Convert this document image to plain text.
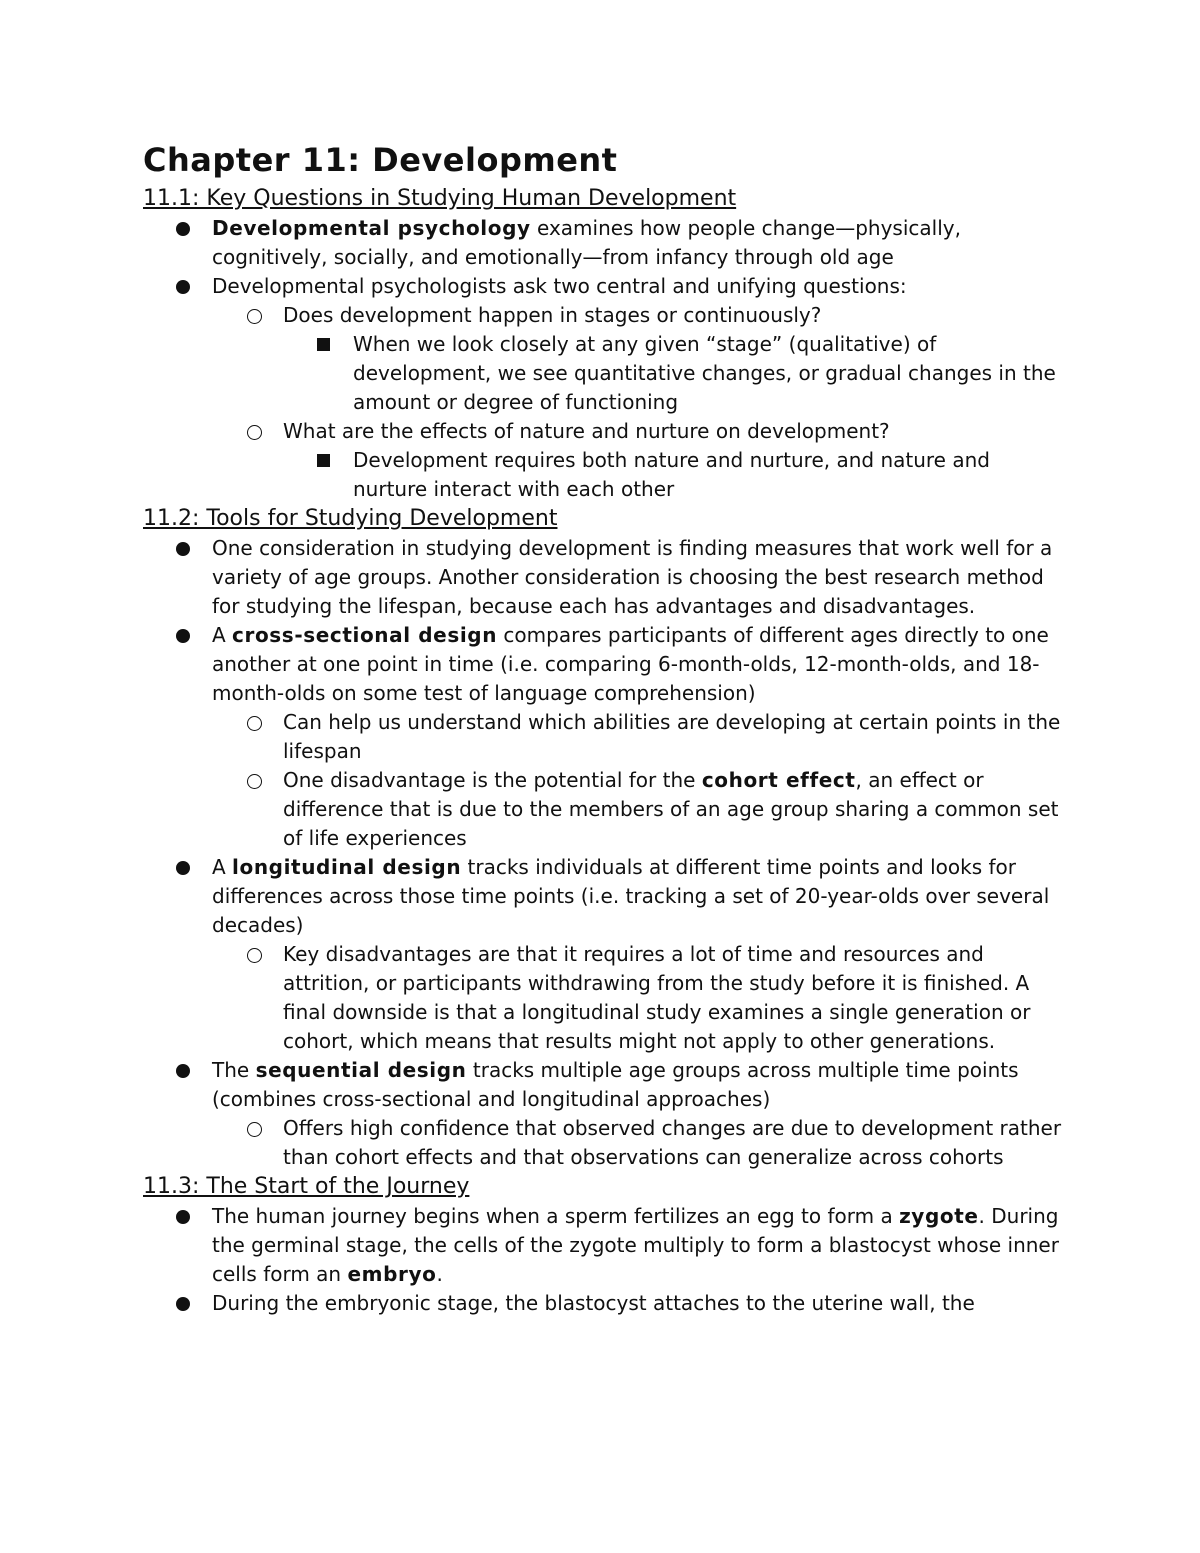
Chapter 11: Development
11.1: Key Questions in Studying Human Development
Developmental psychology examines how people change—physically, cognitively, socially, and emotionally—from infancy through old age
Developmental psychologists ask two central and unifying questions:
Does development happen in stages or continuously?
When we look closely at any given “stage” (qualitative) of development, we see quantitative changes, or gradual changes in the amount or degree of functioning
What are the effects of nature and nurture on development?
Development requires both nature and nurture, and nature and nurture interact with each other
11.2: Tools for Studying Development
One consideration in studying development is finding measures that work well for a variety of age groups. Another consideration is choosing the best research method for studying the lifespan, because each has advantages and disadvantages.
A cross-sectional design compares participants of different ages directly to one another at one point in time (i.e. comparing 6-month-olds, 12-month-olds, and 18-month-olds on some test of language comprehension)
Can help us understand which abilities are developing at certain points in the lifespan
One disadvantage is the potential for the cohort effect, an effect or difference that is due to the members of an age group sharing a common set of life experiences
A longitudinal design tracks individuals at different time points and looks for differences across those time points (i.e. tracking a set of 20-year-olds over several decades)
Key disadvantages are that it requires a lot of time and resources and attrition, or participants withdrawing from the study before it is finished. A final downside is that a longitudinal study examines a single generation or cohort, which means that results might not apply to other generations.
The sequential design tracks multiple age groups across multiple time points (combines cross-sectional and longitudinal approaches)
Offers high confidence that observed changes are due to development rather than cohort effects and that observations can generalize across cohorts
11.3: The Start of the Journey
The human journey begins when a sperm fertilizes an egg to form a zygote. During the germinal stage, the cells of the zygote multiply to form a blastocyst whose inner cells form an embryo.
During the embryonic stage, the blastocyst attaches to the uterine wall, the
